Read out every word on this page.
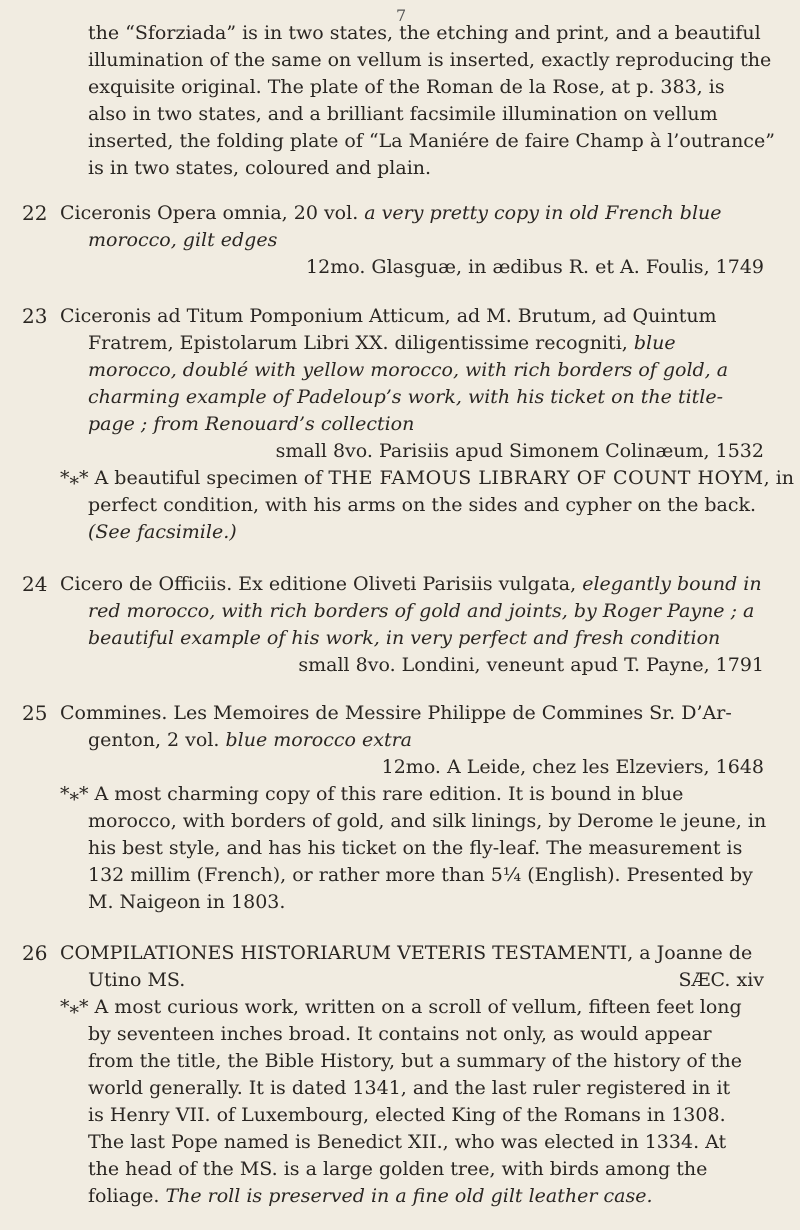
7
the “Sforziada” is in two states, the etching and print, and a beautiful
illumination of the same on vellum is inserted, exactly reproducing the
exquisite original. The plate of the Roman de la Rose, at p. 383, is
also in two states, and a brilliant facsimile illumination on vellum
inserted, the folding plate of “La Maniére de faire Champ à l’outrance”
is in two states, coloured and plain.
22 Ciceronis Opera omnia, 20 vol. a very pretty copy in old French blue
morocco, gilt edges
12mo. Glasguæ, in ædibus R. et A. Foulis, 1749
23 Ciceronis ad Titum Pomponium Atticum, ad M. Brutum, ad Quintum
Fratrem, Epistolarum Libri XX. diligentissime recogniti, blue
morocco, doublé with yellow morocco, with rich borders of gold, a
charming example of Padeloup’s work, with his ticket on the title-
page ; from Renouard’s collection
small 8vo. Parisiis apud Simonem Colinæum, 1532
*⁎* A beautiful specimen of THE FAMOUS LIBRARY OF COUNT HOYM, in
perfect condition, with his arms on the sides and cypher on the back.
(See facsimile.)
24 Cicero de Officiis. Ex editione Oliveti Parisiis vulgata, elegantly bound in
red morocco, with rich borders of gold and joints, by Roger Payne ; a
beautiful example of his work, in very perfect and fresh condition
small 8vo. Londini, veneunt apud T. Payne, 1791
25 Commines. Les Memoires de Messire Philippe de Commines Sr. D’Ar-
genton, 2 vol. blue morocco extra
12mo. A Leide, chez les Elzeviers, 1648
*⁎* A most charming copy of this rare edition. It is bound in blue
morocco, with borders of gold, and silk linings, by Derome le jeune, in
his best style, and has his ticket on the fly-leaf. The measurement is
132 millim (French), or rather more than 5¼ (English). Presented by
M. Naigeon in 1803.
26 COMPILATIONES HISTORIARUM VETERIS TESTAMENTI, a Joanne de
Utino MS.	SÆC. xiv
*⁎* A most curious work, written on a scroll of vellum, fifteen feet long
by seventeen inches broad. It contains not only, as would appear
from the title, the Bible History, but a summary of the history of the
world generally. It is dated 1341, and the last ruler registered in it
is Henry VII. of Luxembourg, elected King of the Romans in 1308.
The last Pope named is Benedict XII., who was elected in 1334. At
the head of the MS. is a large golden tree, with birds among the
foliage. The roll is preserved in a fine old gilt leather case.
